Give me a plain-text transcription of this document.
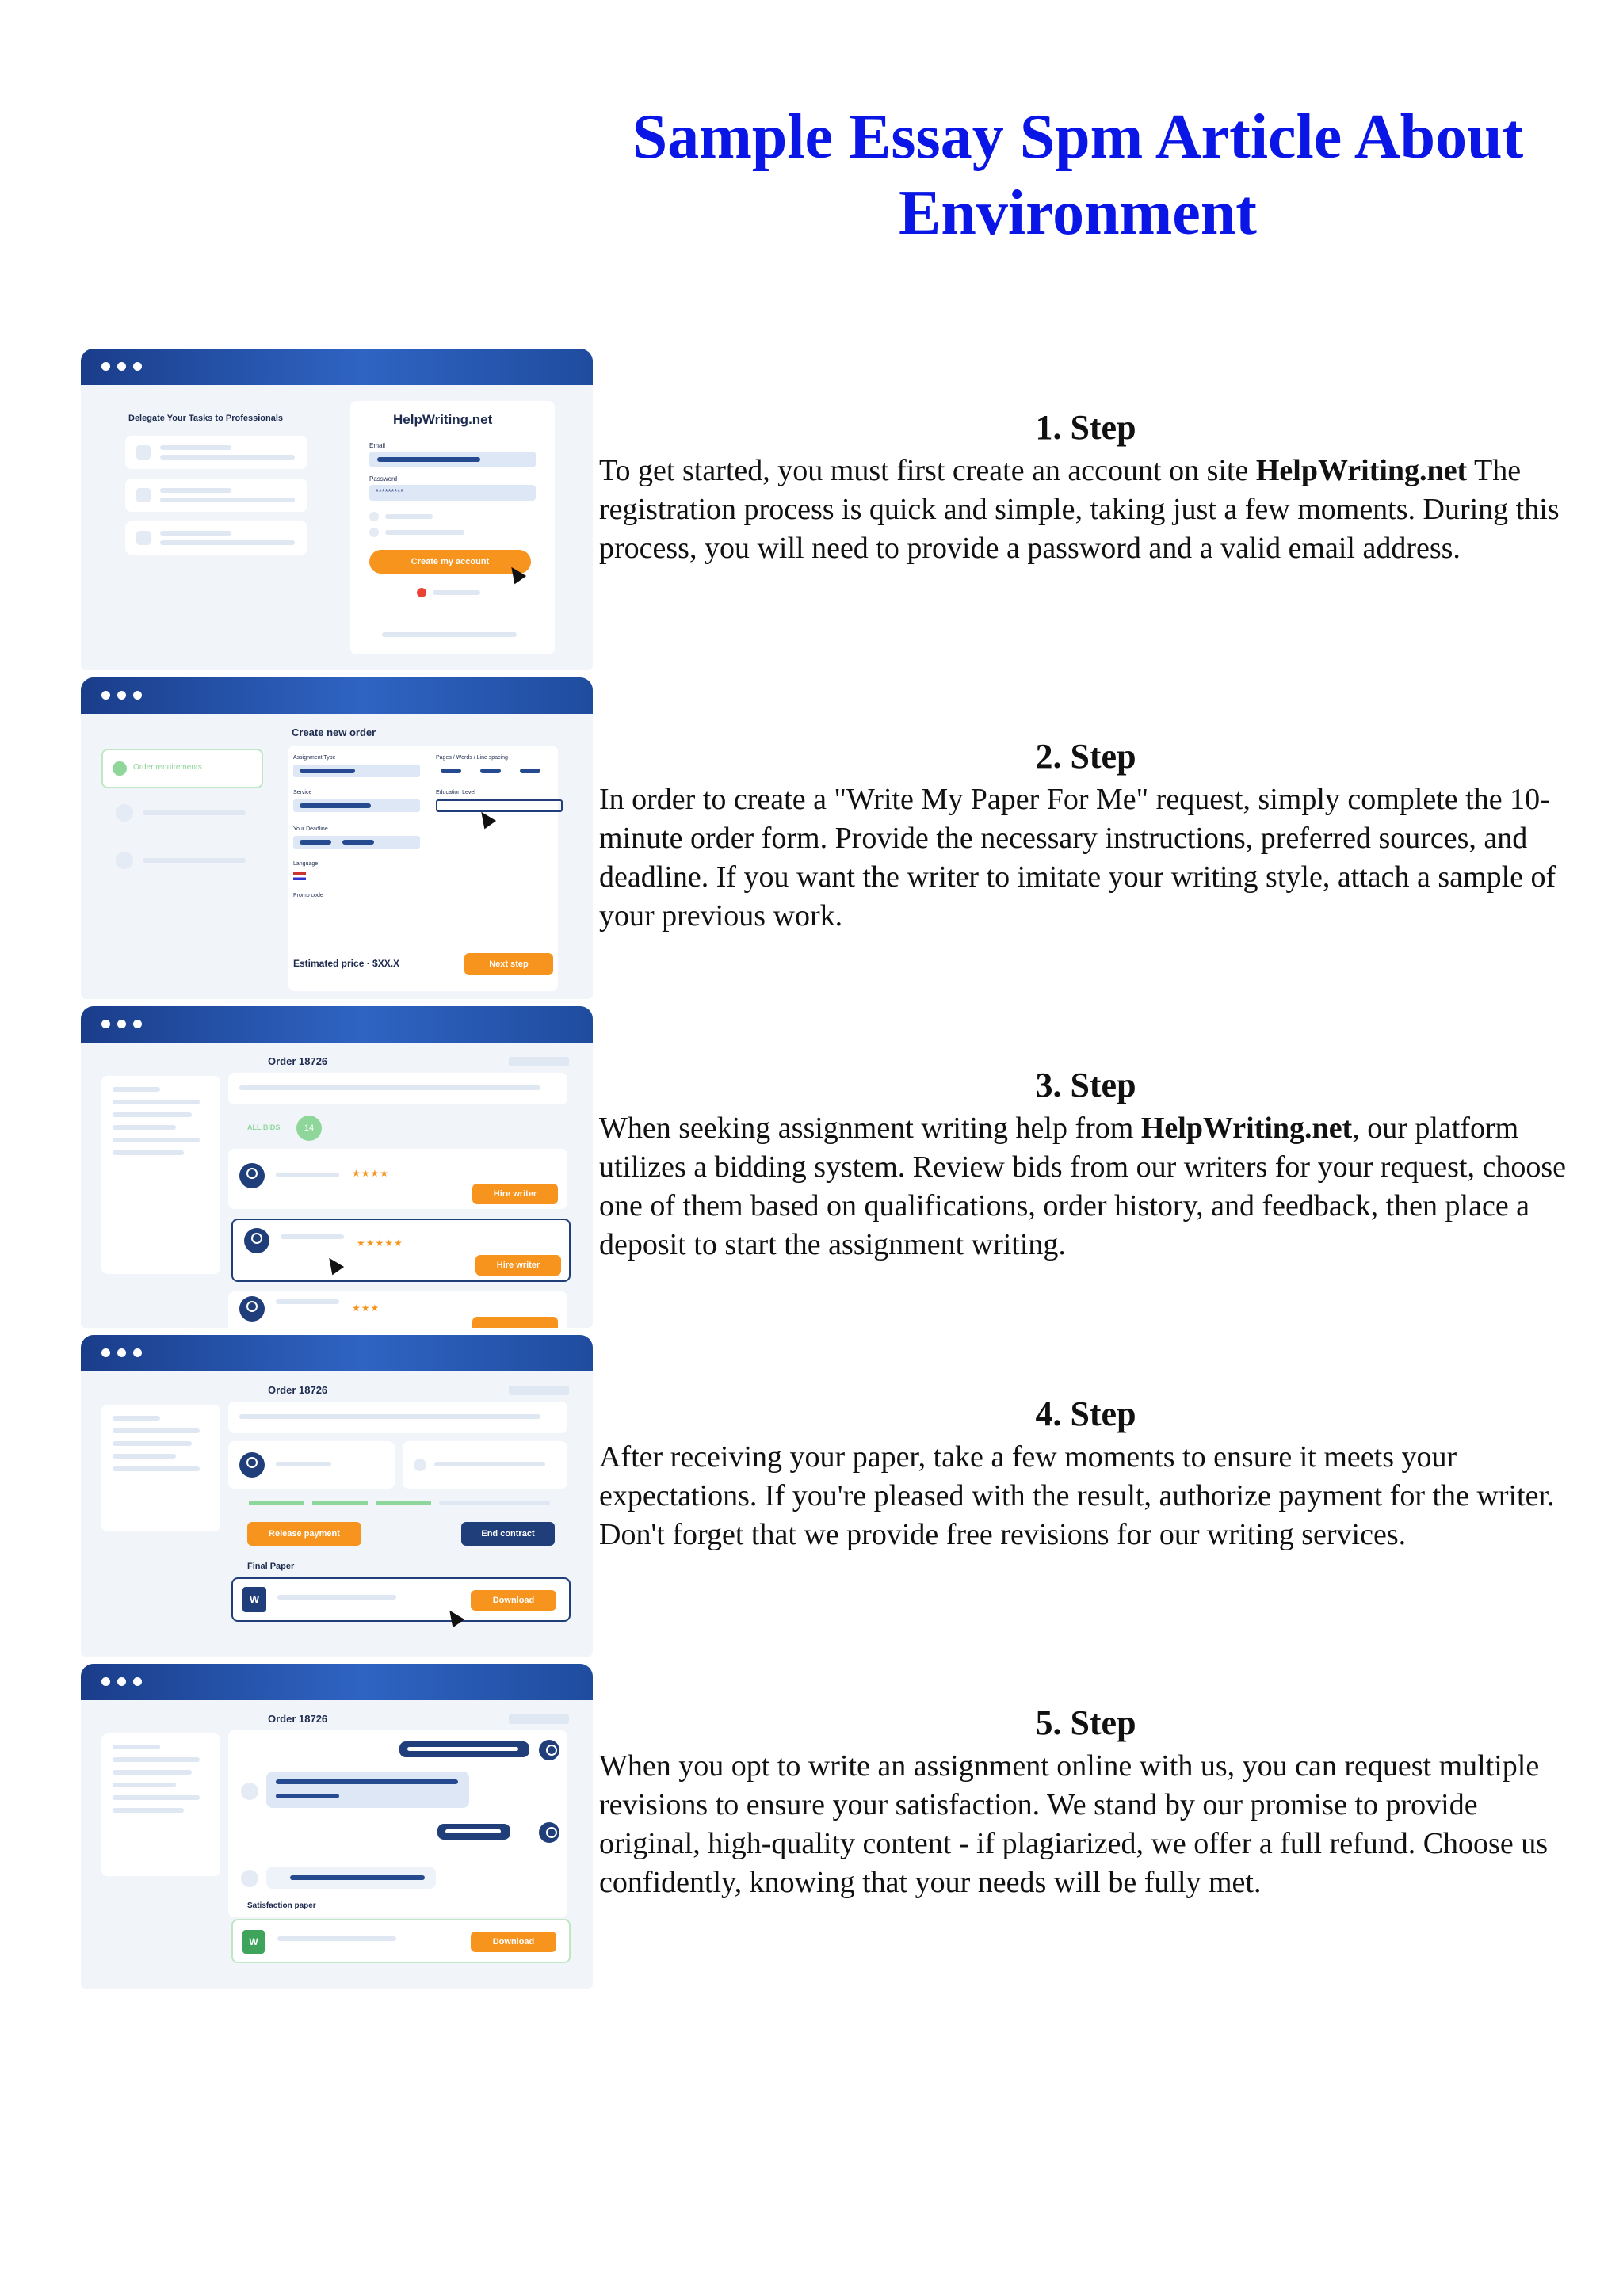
Sample Essay Spm Article About Environment
Delegate Your Tasks to Professionals	HelpWriting.net
Email
Password
*********
Create my account
Order requirements
Create new order
Assignment Type	Pages / Words / Line spacing
Service	Education Level
Your Deadline
Language
Promo code
Estimated price · $XX.X	Next step
Order 18726
ALL BIDS	14
★★★★
Hire writer
★★★★★
Hire writer
★★★
Order 18726
Release payment	End contract
Final Paper
W	Download
Order 18726
Satisfaction paper
W	Download
1. Step

To get started, you must first create an account on site HelpWriting.net The registration process is quick and simple, taking just a few moments. During this process, you will need to provide a password and a valid email address.

2. Step

In order to create a "Write My Paper For Me" request, simply complete the 10-minute order form. Provide the necessary instructions, preferred sources, and deadline. If you want the writer to imitate your writing style, attach a sample of your previous work.

3. Step

When seeking assignment writing help from HelpWriting.net, our platform utilizes a bidding system. Review bids from our writers for your request, choose one of them based on qualifications, order history, and feedback, then place a deposit to start the assignment writing.

4. Step

After receiving your paper, take a few moments to ensure it meets your expectations. If you're pleased with the result, authorize payment for the writer. Don't forget that we provide free revisions for our writing services.

5. Step

When you opt to write an assignment online with us, you can request multiple revisions to ensure your satisfaction. We stand by our promise to provide original, high-quality content - if plagiarized, we offer a full refund. Choose us confidently, knowing that your needs will be fully met.
